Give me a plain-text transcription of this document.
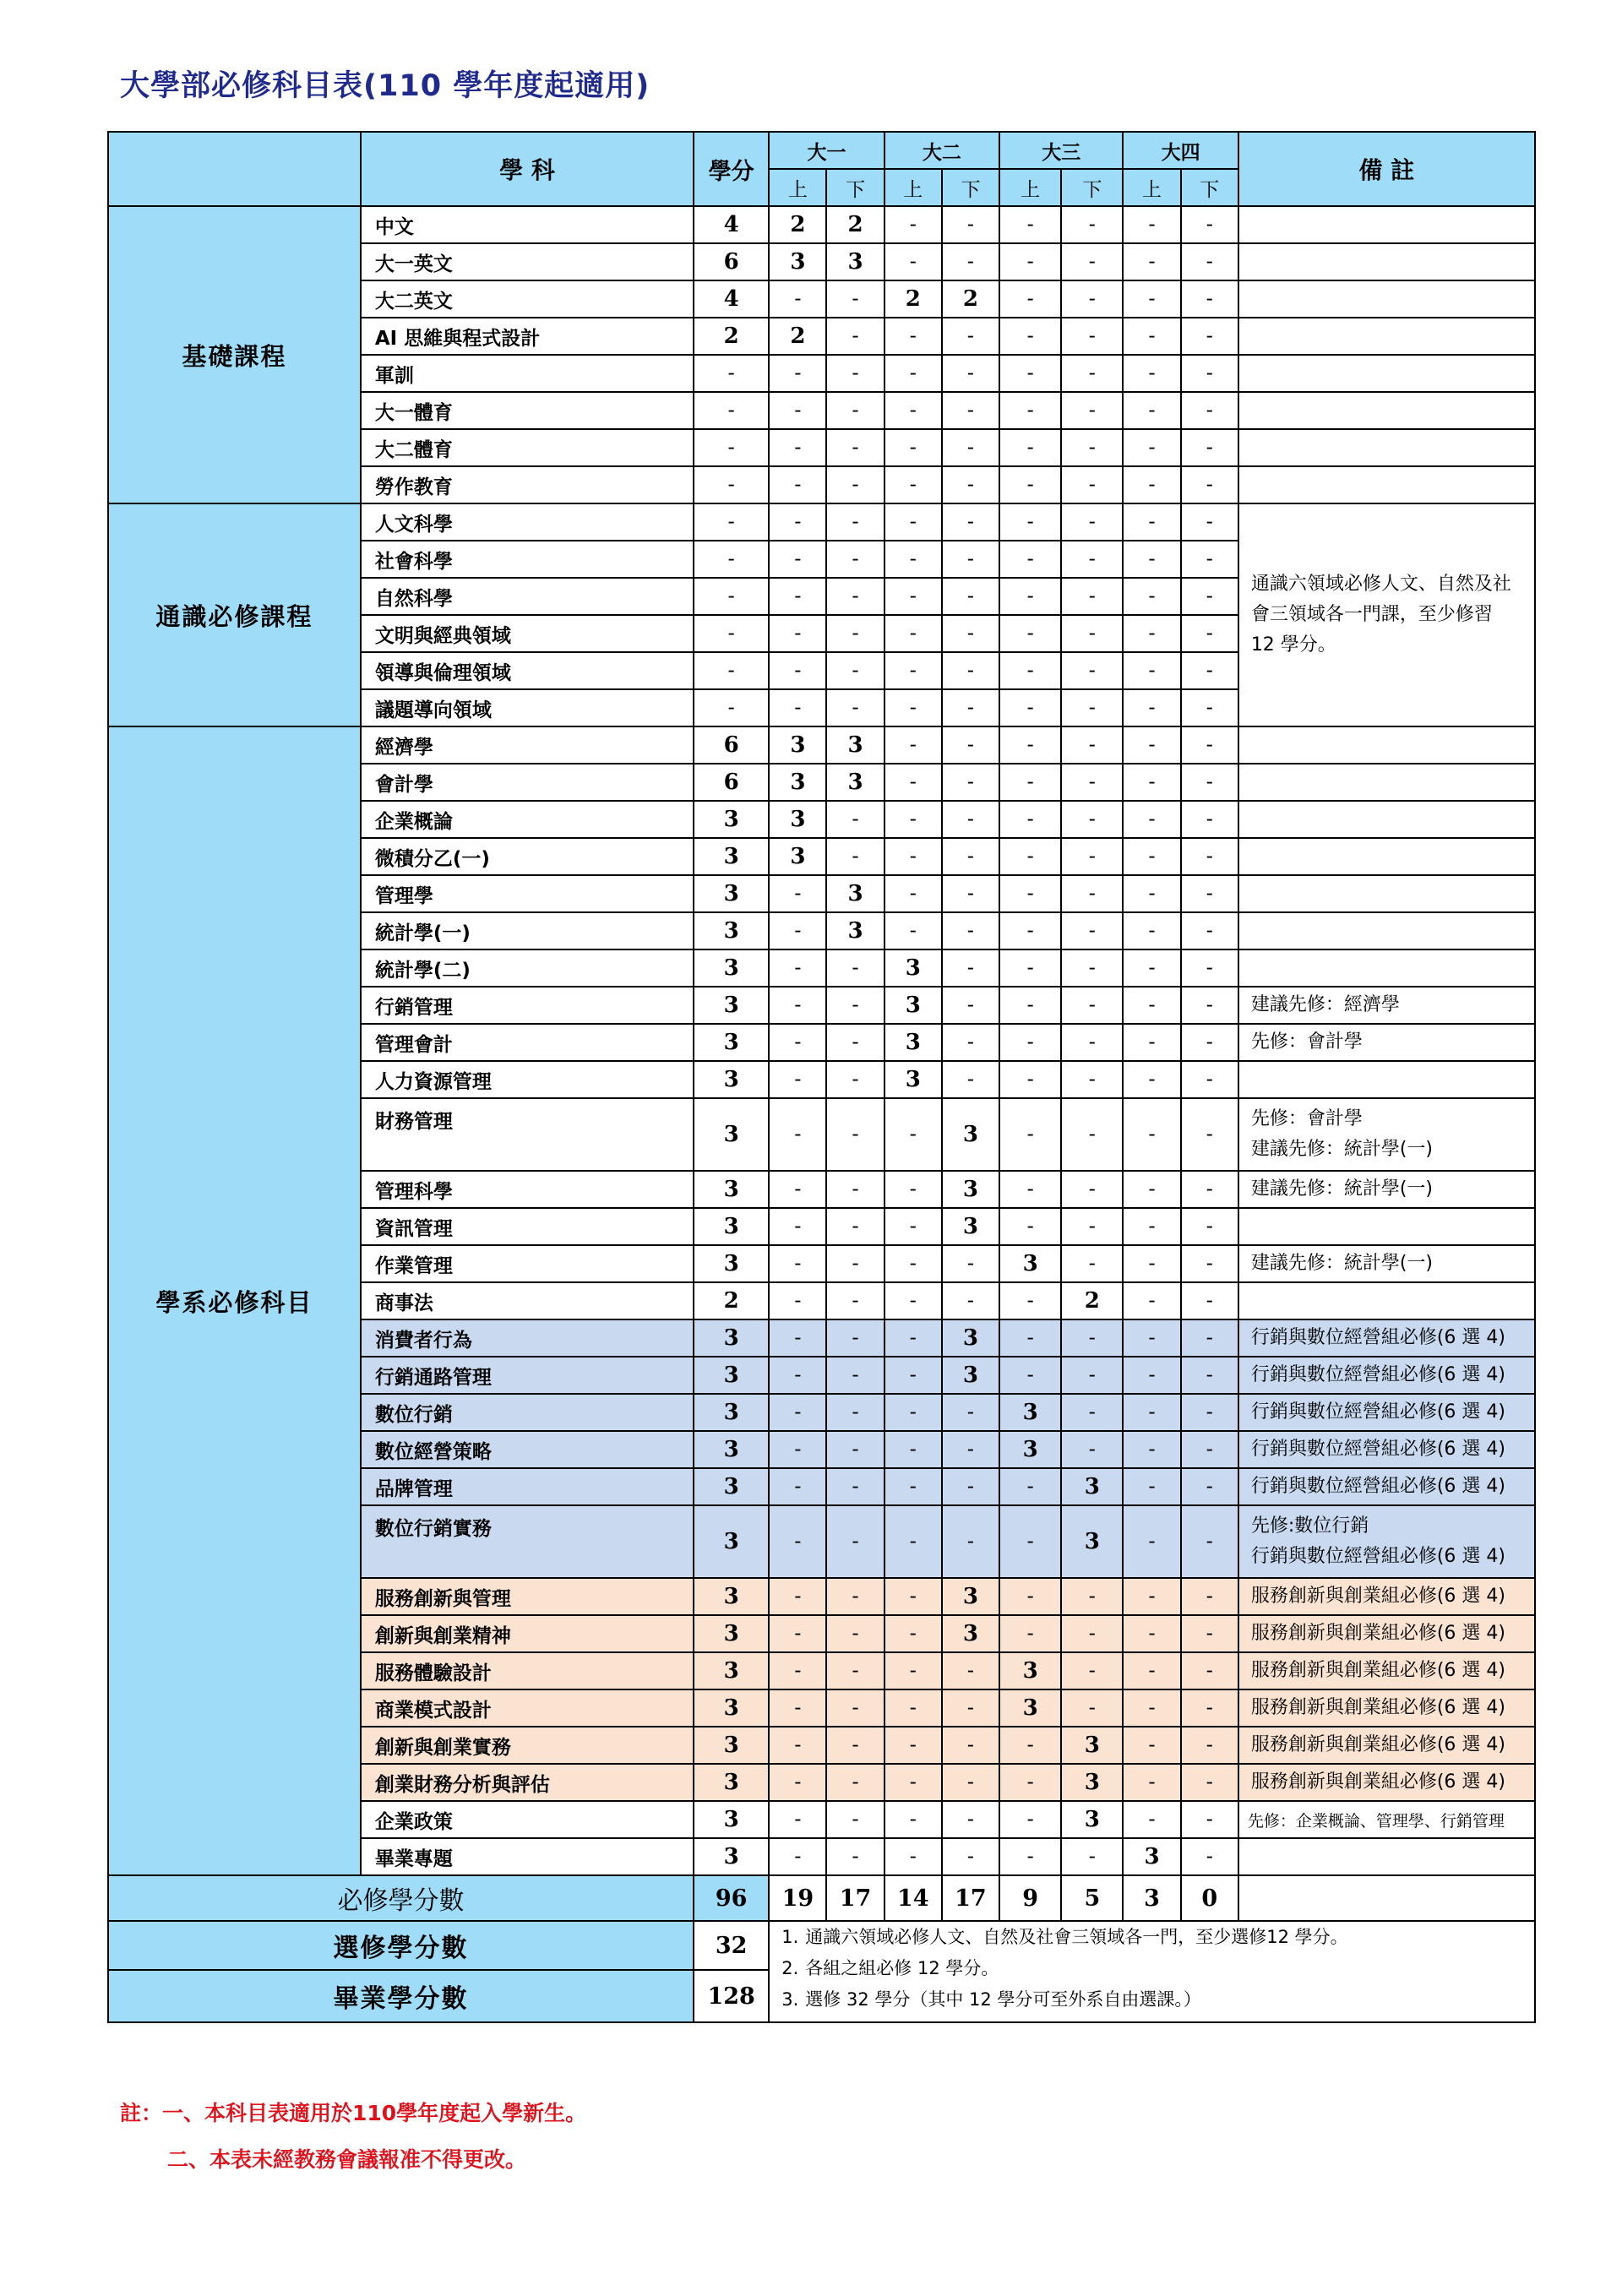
大學部必修科目表(110 學年度起適用)
	學 科	學分	大一		大二		大三		大四		備 註
			上	下	上	下	上	下	上	下	
基礎課程	中文	4	2	2	-	-	-	-	-	-	

	大一英文	6	3	3	-	-	-	-	-	-	

	大二英文	4	-	-	2	2	-	-	-	-	

	AI 思維與程式設計	2	2	-	-	-	-	-	-	-	

	軍訓	-	-	-	-	-	-	-	-	-	

	大一體育	-	-	-	-	-	-	-	-	-	

	大二體育	-	-	-	-	-	-	-	-	-	

	勞作教育	-	-	-	-	-	-	-	-	-	

通識必修課程	人文科學	-	-	-	-	-	-	-	-	-	通識六領域必修人文、自然及社
會三領域各一門課，至少修習
12 學分。

	社會科學	-	-	-	-	-	-	-	-	-	
	自然科學	-	-	-	-	-	-	-	-	-	
	文明與經典領域	-	-	-	-	-	-	-	-	-	
	領導與倫理領域	-	-	-	-	-	-	-	-	-	
	議題導向領域	-	-	-	-	-	-	-	-	-	
學系必修科目	經濟學	6	3	3	-	-	-	-	-	-	

	會計學	6	3	3	-	-	-	-	-	-	

	企業概論	3	3	-	-	-	-	-	-	-	

	微積分乙(一)	3	3	-	-	-	-	-	-	-	

	管理學	3	-	3	-	-	-	-	-	-	

	統計學(一)	3	-	3	-	-	-	-	-	-	

	統計學(二)	3	-	-	3	-	-	-	-	-	

	行銷管理	3	-	-	3	-	-	-	-	-	建議先修：經濟學

	管理會計	3	-	-	3	-	-	-	-	-	先修：會計學

	人力資源管理	3	-	-	3	-	-	-	-	-	

	財務管理	3	-	-	-	3	-	-	-	-	先修：會計學
建議先修：統計學(一)

	管理科學	3	-	-	-	3	-	-	-	-	建議先修：統計學(一)

	資訊管理	3	-	-	-	3	-	-	-	-	

	作業管理	3	-	-	-	-	3	-	-	-	建議先修：統計學(一)

	商事法	2	-	-	-	-	-	2	-	-	

	消費者行為	3	-	-	-	3	-	-	-	-	行銷與數位經營組必修(6 選 4)

	行銷通路管理	3	-	-	-	3	-	-	-	-	行銷與數位經營組必修(6 選 4)

	數位行銷	3	-	-	-	-	3	-	-	-	行銷與數位經營組必修(6 選 4)

	數位經營策略	3	-	-	-	-	3	-	-	-	行銷與數位經營組必修(6 選 4)

	品牌管理	3	-	-	-	-	-	3	-	-	行銷與數位經營組必修(6 選 4)

	數位行銷實務	3	-	-	-	-	-	3	-	-	先修:數位行銷
行銷與數位經營組必修(6 選 4)

	服務創新與管理	3	-	-	-	3	-	-	-	-	服務創新與創業組必修(6 選 4)

	創新與創業精神	3	-	-	-	3	-	-	-	-	服務創新與創業組必修(6 選 4)

	服務體驗設計	3	-	-	-	-	3	-	-	-	服務創新與創業組必修(6 選 4)

	商業模式設計	3	-	-	-	-	3	-	-	-	服務創新與創業組必修(6 選 4)

	創新與創業實務	3	-	-	-	-	-	3	-	-	服務創新與創業組必修(6 選 4)

	創業財務分析與評估	3	-	-	-	-	-	3	-	-	服務創新與創業組必修(6 選 4)

	企業政策	3	-	-	-	-	-	3	-	-	先修：企業概論、管理學、行銷管理

	畢業專題	3	-	-	-	-	-	-	3	-	

必修學分數		96	19	17	14	17	9	5	3	0	
選修學分數		32	1. 通識六領域必修人文、自然及社會三領域各一門，至少選修12 學分。
2. 各組之組必修 12 學分。
3. 選修 32 學分（其中 12 學分可至外系自由選課。）								

畢業學分數		128									
註：一、本科目表適用於110學年度起入學新生。
二、本表未經教務會議報准不得更改。
